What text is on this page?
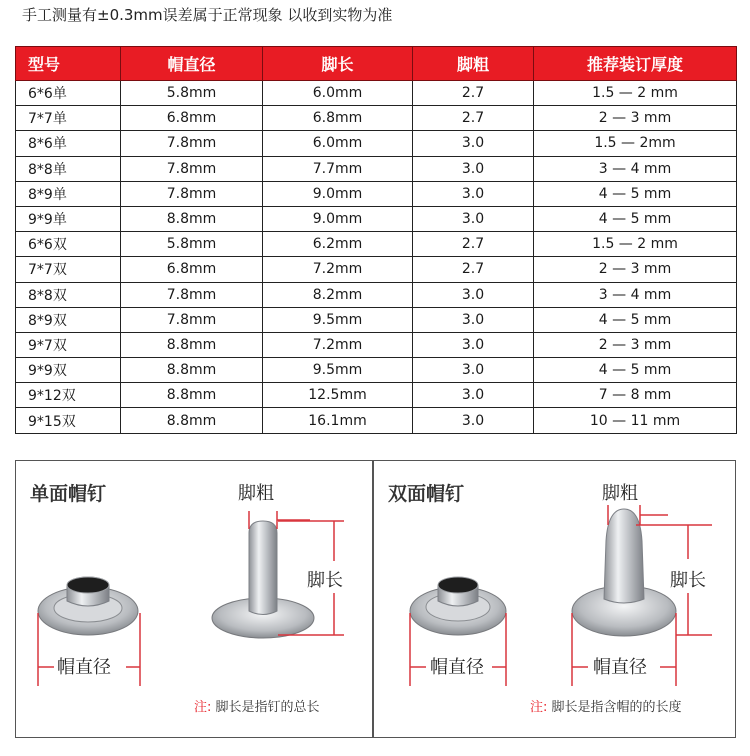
手工测量有±0.3mm误差属于正常现象 以收到实物为准
型号	帽直径	脚长	脚粗	推荐装订厚度
6*6单	5.8mm	6.0mm	2.7	1.5 — 2 mm
7*7单	6.8mm	6.8mm	2.7	2 — 3 mm
8*6单	7.8mm	6.0mm	3.0	1.5 — 2mm
8*8单	7.8mm	7.7mm	3.0	3 — 4 mm
8*9单	7.8mm	9.0mm	3.0	4 — 5 mm
9*9单	8.8mm	9.0mm	3.0	4 — 5 mm
6*6双	5.8mm	6.2mm	2.7	1.5 — 2 mm
7*7双	6.8mm	7.2mm	2.7	2 — 3 mm
8*8双	7.8mm	8.2mm	3.0	3 — 4 mm
8*9双	7.8mm	9.5mm	3.0	4 — 5 mm
9*7双	8.8mm	7.2mm	3.0	2 — 3 mm
9*9双	8.8mm	9.5mm	3.0	4 — 5 mm
9*12双	8.8mm	12.5mm	3.0	7 — 8 mm
9*15双	8.8mm	16.1mm	3.0	10 — 11 mm
单面帽钉	脚粗
脚长
帽直径
注: 脚长是指钉的总长
双面帽钉	脚粗
脚长
帽直径	帽直径
注: 脚长是指含帽的的长度
